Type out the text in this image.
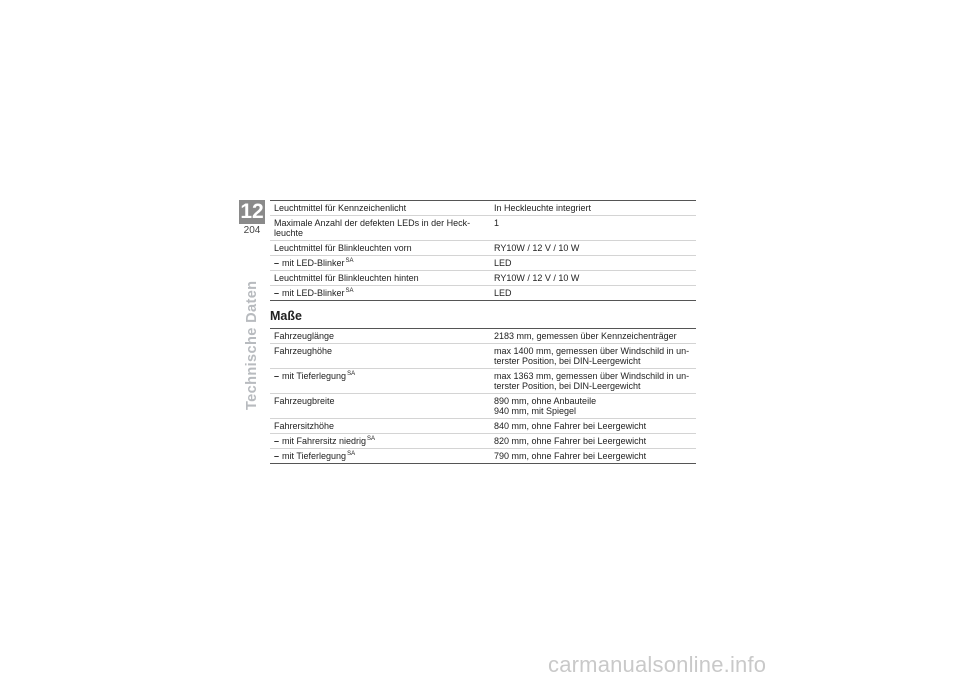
12
204
Technische Daten
Leuchtmittel für Kennzeichenlicht	In Heckleuchte integriert
Maximale Anzahl der defekten LEDs in der Heck-leuchte	1
Leuchtmittel für Blinkleuchten vorn	RY10W / 12 V / 10 W
– mit LED-Blinker$^{SA}$	LED
Leuchtmittel für Blinkleuchten hinten	RY10W / 12 V / 10 W
– mit LED-Blinker$^{SA}$	LED
Maße
Fahrzeuglänge	2183 mm, gemessen über Kennzeichenträger
Fahrzeughöhe	max 1400 mm, gemessen über Windschild in un-terster Position, bei DIN-Leergewicht
– mit Tieferlegung$^{SA}$	max 1363 mm, gemessen über Windschild in un-terster Position, bei DIN-Leergewicht
Fahrzeugbreite	890 mm, ohne Anbauteile
940 mm, mit Spiegel
Fahrersitzhöhe	840 mm, ohne Fahrer bei Leergewicht
– mit Fahrersitz niedrig$^{SA}$	820 mm, ohne Fahrer bei Leergewicht
– mit Tieferlegung$^{SA}$	790 mm, ohne Fahrer bei Leergewicht
carmanualsonline.info
